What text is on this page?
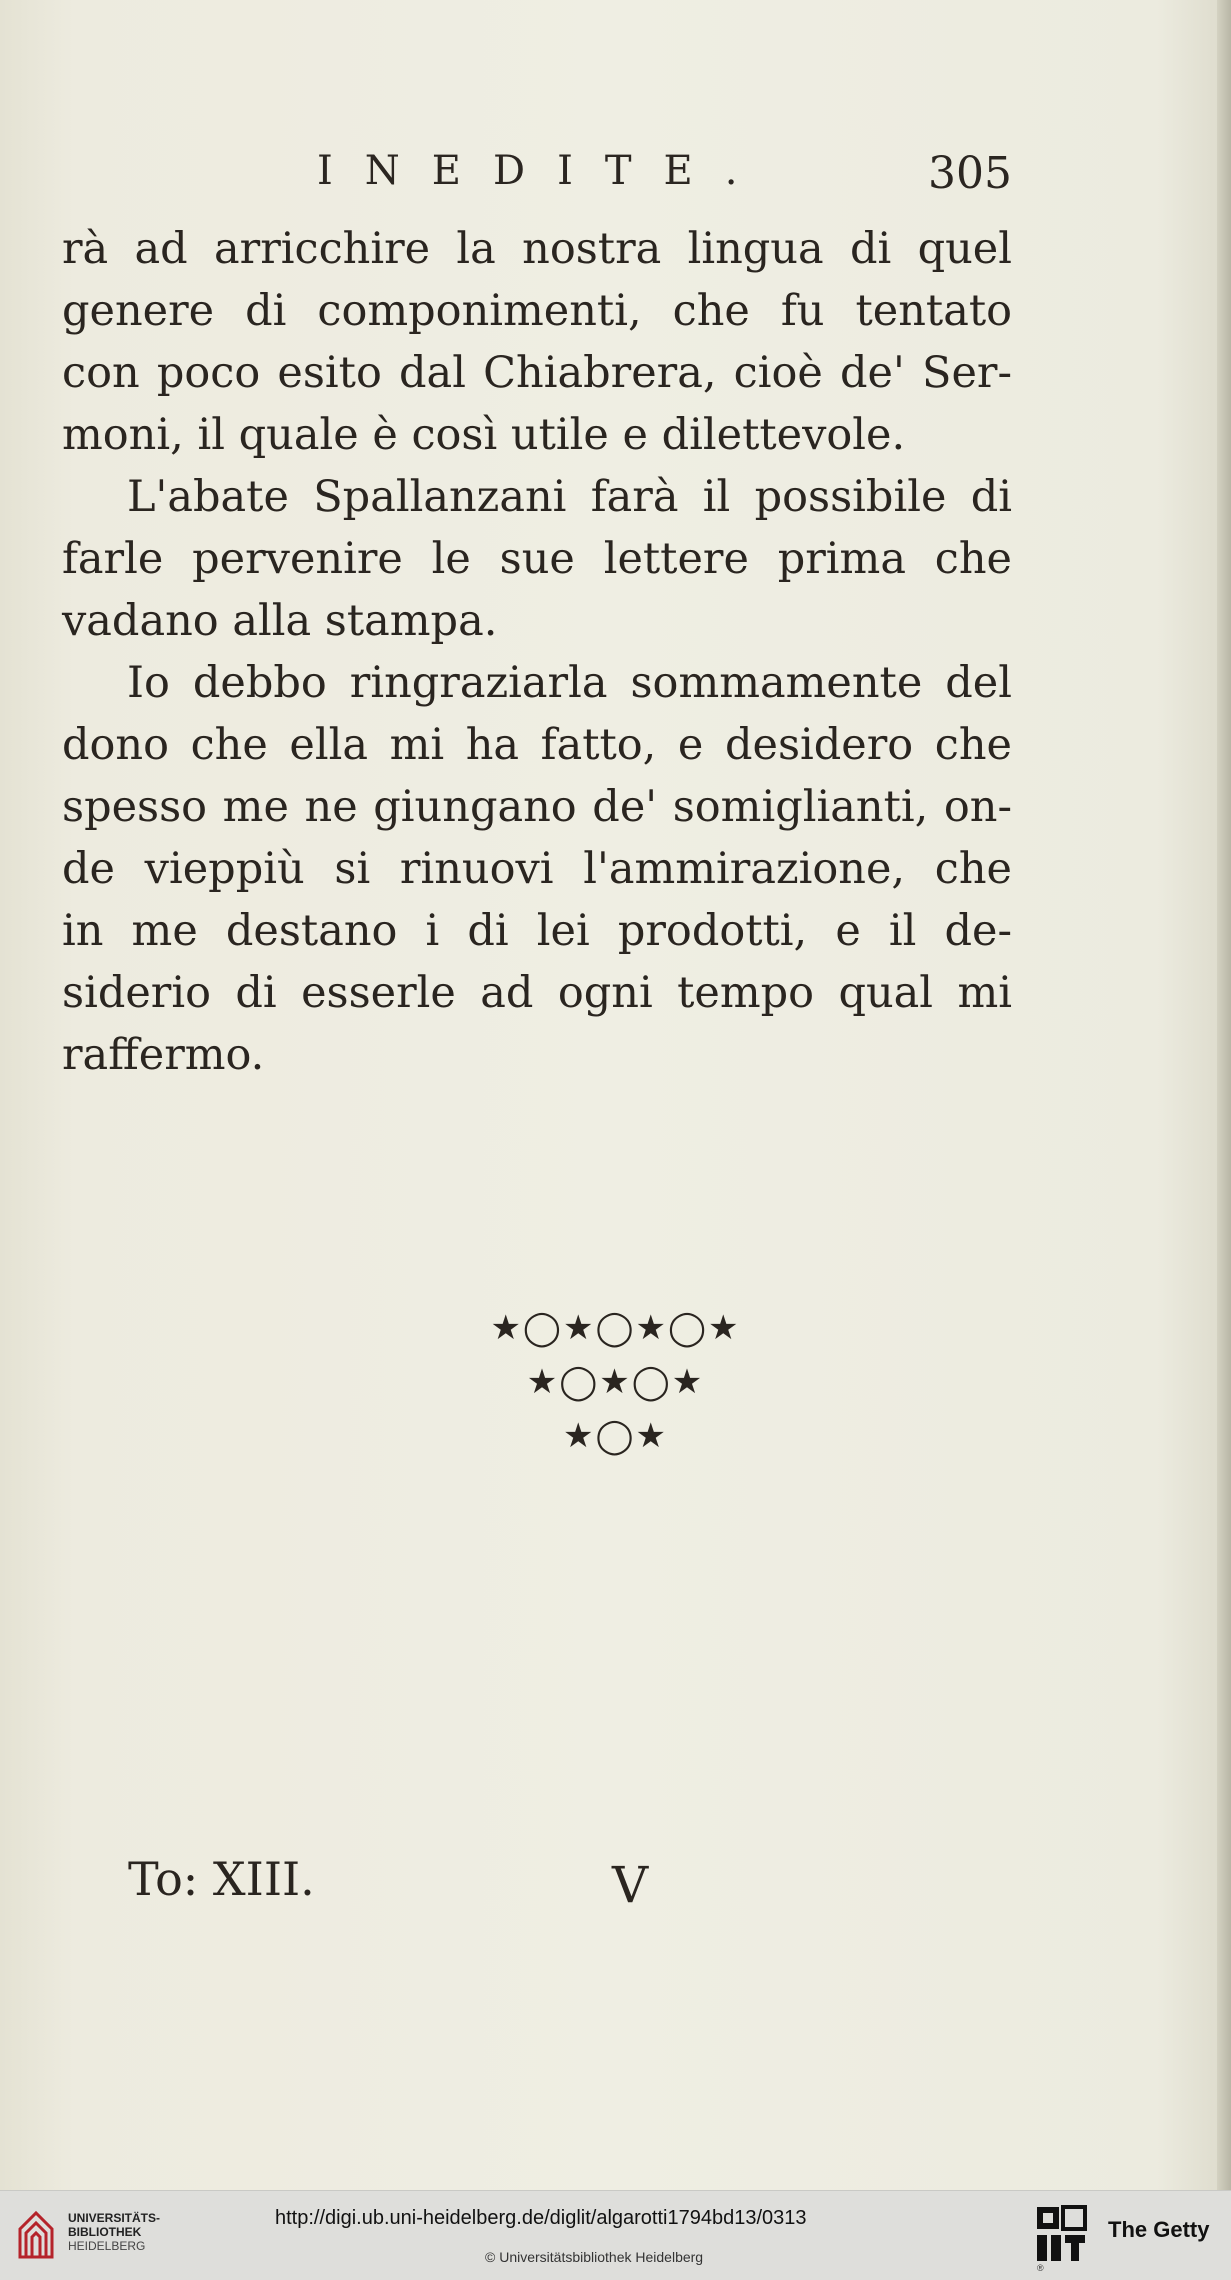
INEDITE.	305
rà ad arricchire la nostra lingua di quel
genere di componimenti, che fu tentato
con poco esito dal Chiabrera, cioè de' Ser-
moni, il quale è così utile e dilettevole.
L'abate Spallanzani farà il possibile di
farle pervenire le sue lettere prima che
vadano alla stampa.
Io debbo ringraziarla sommamente del
dono che ella mi ha fatto, e desidero che
spesso me ne giungano de' somiglianti, on-
de vieppiù si rinuovi l'ammirazione, che
in me destano i di lei prodotti, e il de-
siderio di esserle ad ogni tempo qual mi
raffermo.
★◯★◯★◯★
★◯★◯★
★◯★
To: XIII.	V
UNIVERSITÄTS-
BIBLIOTHEK
HEIDELBERG
http://digi.ub.uni-heidelberg.de/diglit/algarotti1794bd13/0313
© Universitätsbibliothek Heidelberg
®
The Getty
